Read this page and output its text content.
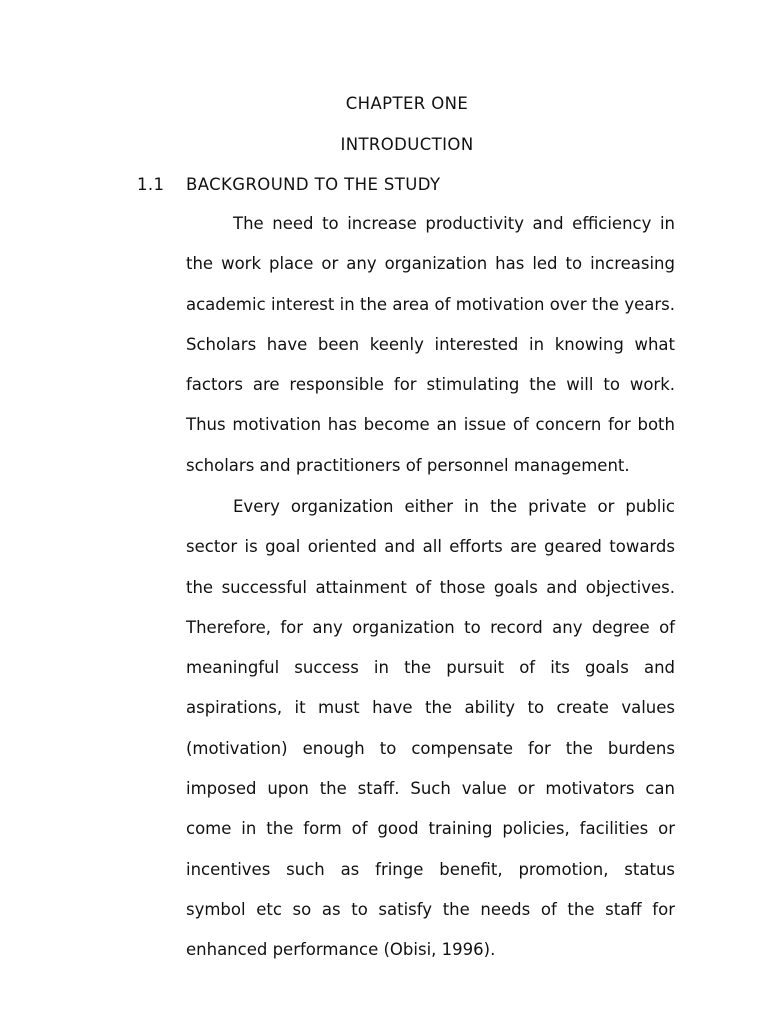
CHAPTER ONE
INTRODUCTION
1.1 BACKGROUND TO THE STUDY

The need to increase productivity and efficiency in the work place or any organization has led to increasing academic interest in the area of motivation over the years. Scholars have been keenly interested in knowing what factors are responsible for stimulating the will to work. Thus motivation has become an issue of concern for both scholars and practitioners of personnel management.

Every organization either in the private or public sector is goal oriented and all efforts are geared towards the successful attainment of those goals and objectives. Therefore, for any organization to record any degree of meaningful success in the pursuit of its goals and aspirations, it must have the ability to create values (motivation) enough to compensate for the burdens imposed upon the staff. Such value or motivators can come in the form of good training policies, facilities or incentives such as fringe benefit, promotion, status symbol etc so as to satisfy the needs of the staff for enhanced performance (Obisi, 1996).
